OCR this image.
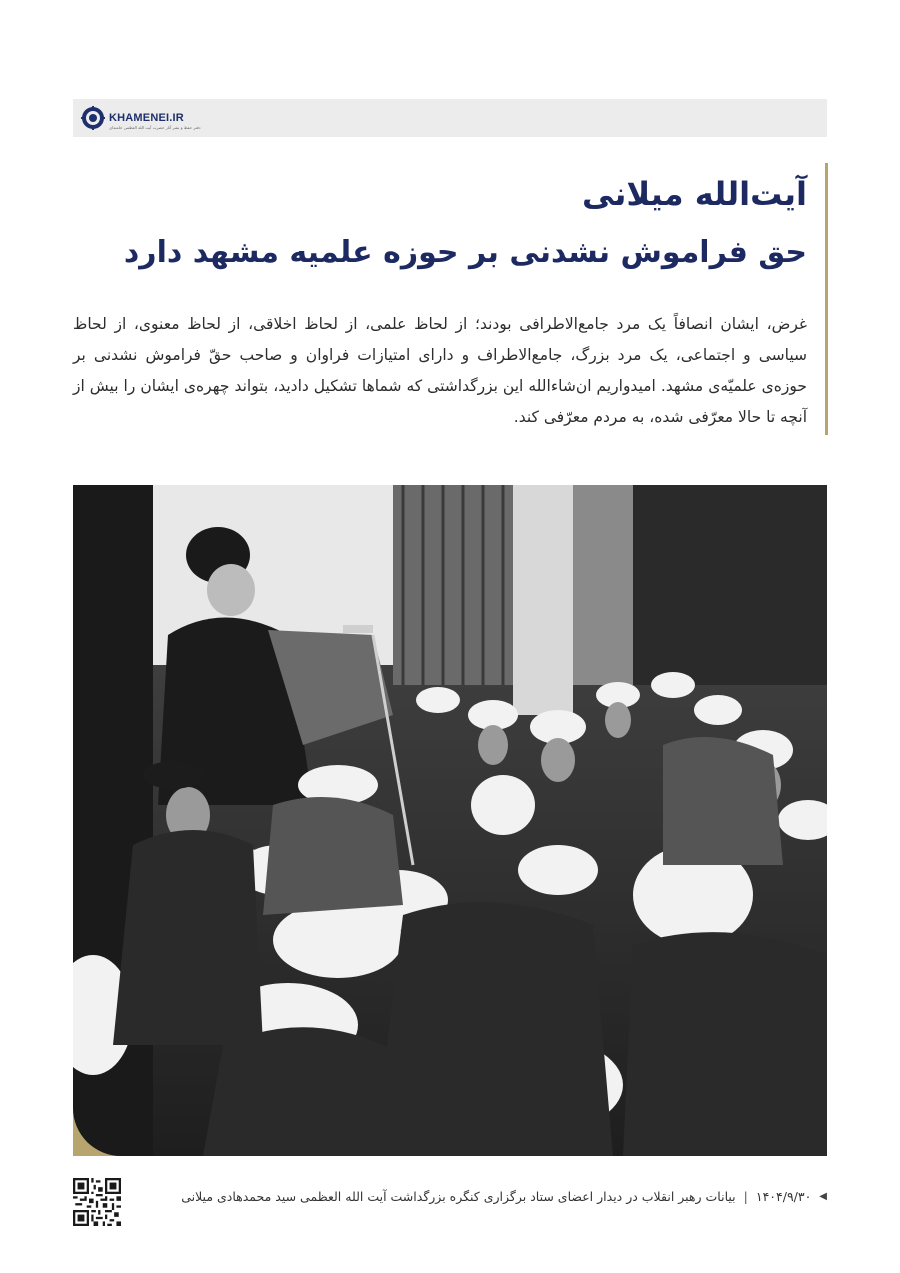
KHAMENEI.IR
دفتر حفظ و نشر آثار حضرت آیت الله العظمی خامنه‌ای
آیت‌الله میلانی
حق فراموش نشدنی بر حوزه علمیه مشهد دارد

غرض، ایشان انصافاً یک مرد جامع‌الاطرافی بودند؛ از لحاظ علمی، از لحاظ اخلاقی، از لحاظ معنوی، از لحاظ سیاسی و اجتماعی، یک مرد بزرگ، جامع‌الاطراف و دارای امتیازات فراوان و صاحب حقّ فراموش نشدنی بر حوزه‌ی علمیّه‌ی مشهد. امیدواریم ان‌شاءالله این بزرگداشتی که شماها تشکیل دادید، بتواند چهره‌ی ایشان را بیش از آنچه تا حالا معرّفی شده، به مردم معرّفی کند.

◀
۱۴۰۴/۹/۳۰
|
بیانات رهبر انقلاب در دیدار اعضای ستاد برگزاری کنگره بزرگداشت آیت الله العظمی سید محمدهادی میلانی
